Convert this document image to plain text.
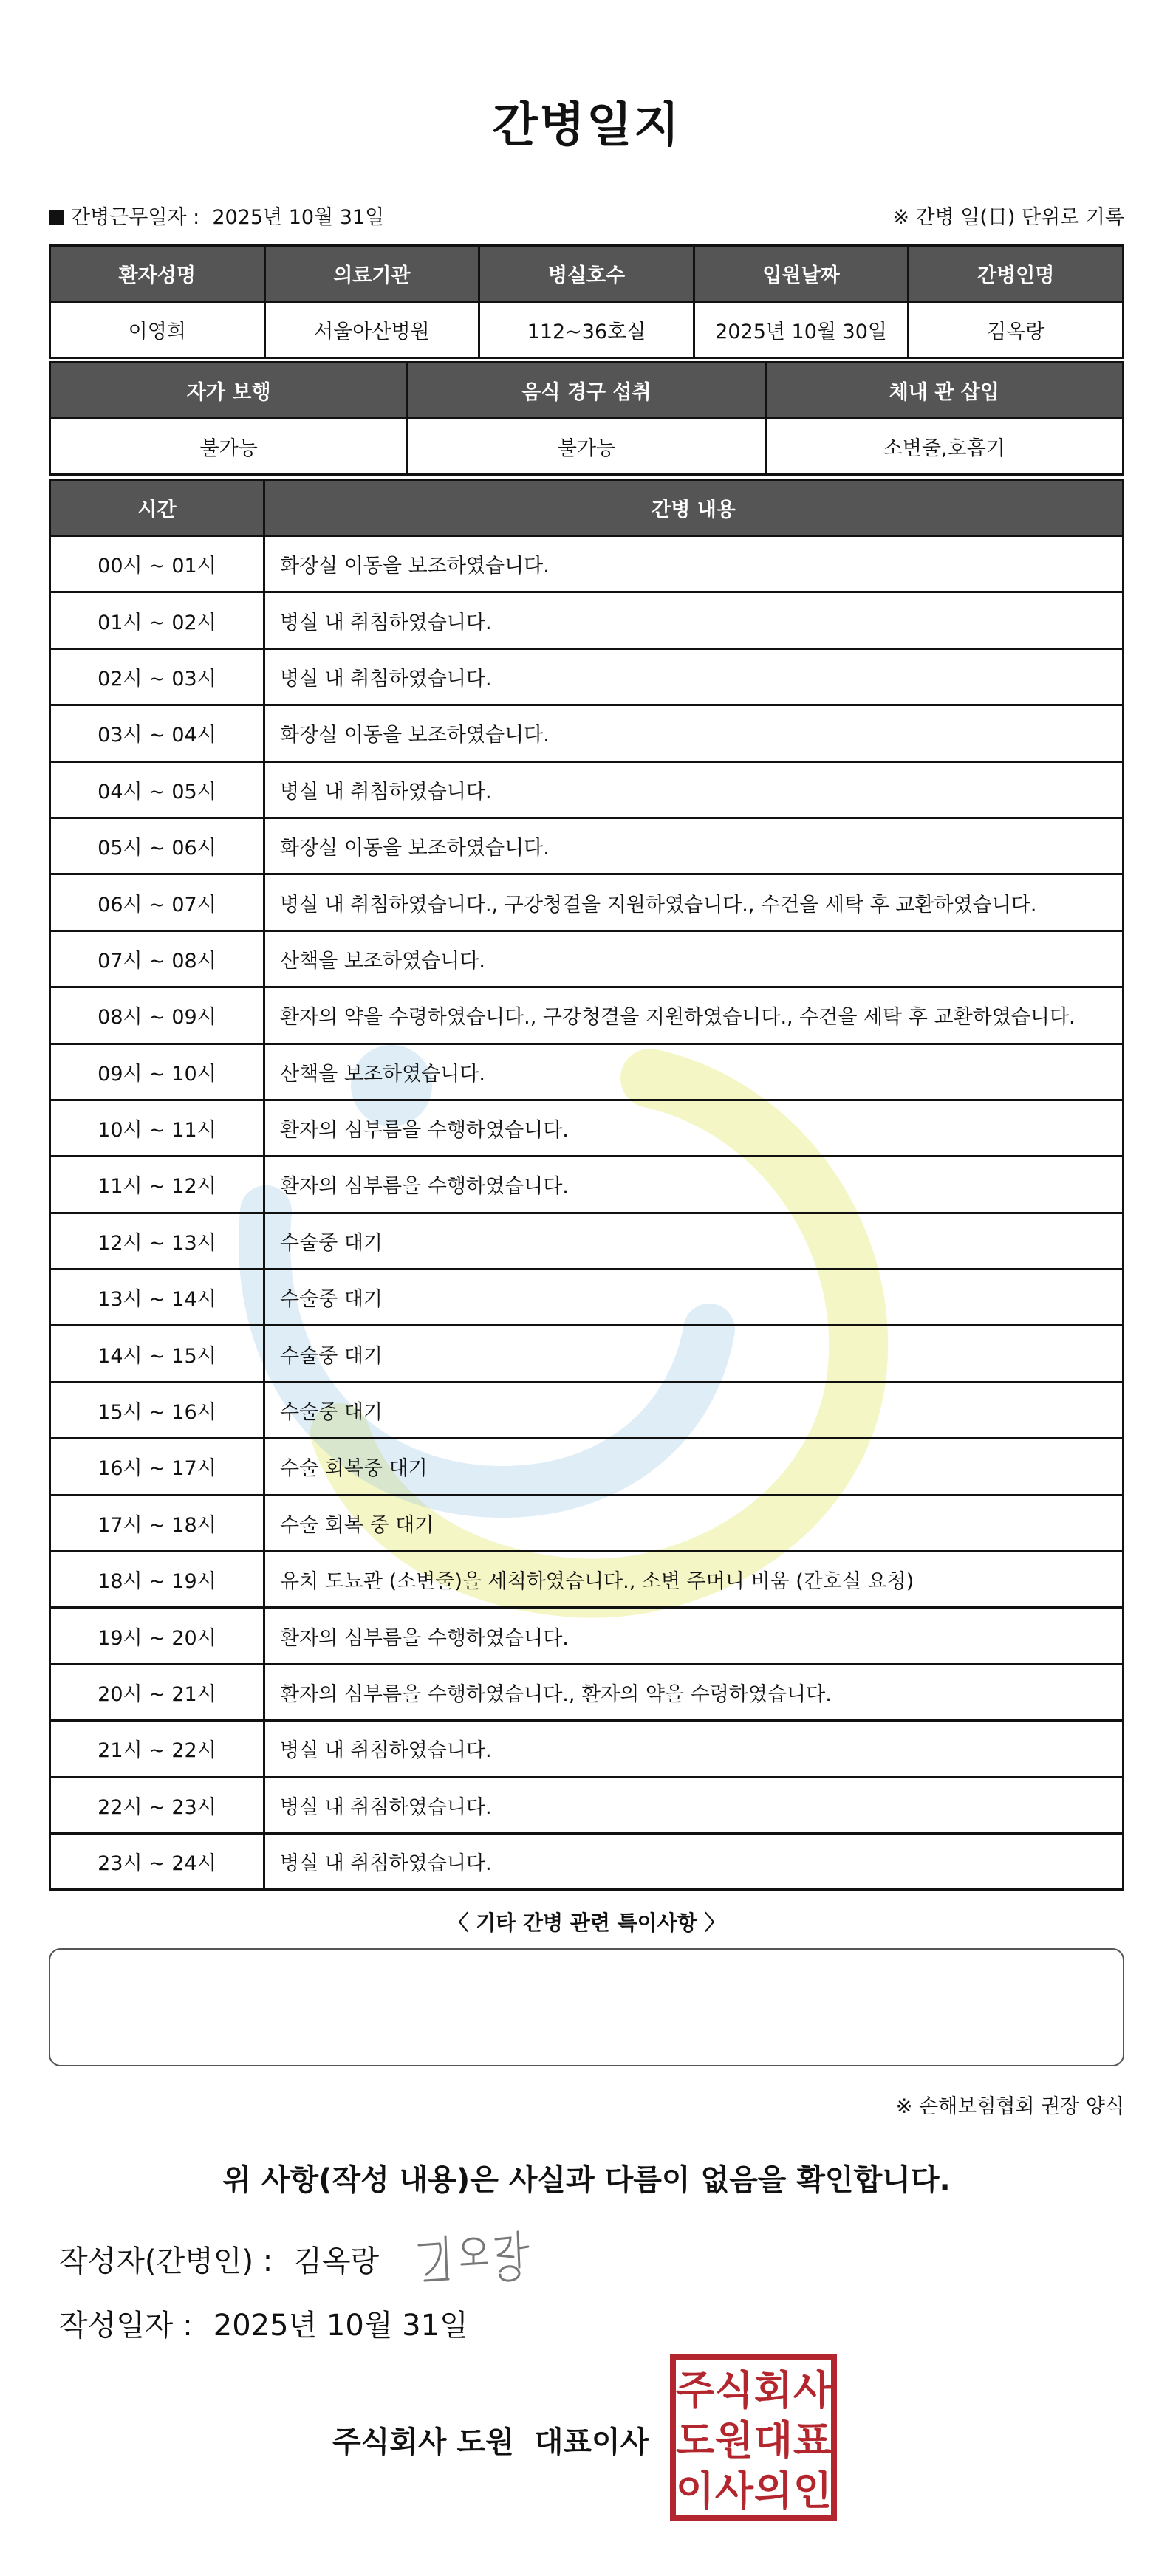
간병일지
간병근무일자 : 2025년 10월 31일	※ 간병 일(日) 단위로 기록
환자성명	의료기관	병실호수	입원날짜	간병인명
이영희	서울아산병원	112~36호실	2025년 10월 30일	김옥랑
자가 보행	음식 경구 섭취	체내 관 삽입
불가능	불가능	소변줄,호흡기
시간	간병 내용
00시 ~ 01시	화장실 이동을 보조하였습니다.
01시 ~ 02시	병실 내 취침하였습니다.
02시 ~ 03시	병실 내 취침하였습니다.
03시 ~ 04시	화장실 이동을 보조하였습니다.
04시 ~ 05시	병실 내 취침하였습니다.
05시 ~ 06시	화장실 이동을 보조하였습니다.
06시 ~ 07시	병실 내 취침하였습니다., 구강청결을 지원하였습니다., 수건을 세탁 후 교환하였습니다.
07시 ~ 08시	산책을 보조하였습니다.
08시 ~ 09시	환자의 약을 수령하였습니다., 구강청결을 지원하였습니다., 수건을 세탁 후 교환하였습니다.
09시 ~ 10시	산책을 보조하였습니다.
10시 ~ 11시	환자의 심부름을 수행하였습니다.
11시 ~ 12시	환자의 심부름을 수행하였습니다.
12시 ~ 13시	수술중 대기
13시 ~ 14시	수술중 대기
14시 ~ 15시	수술중 대기
15시 ~ 16시	수술중 대기
16시 ~ 17시	수술 회복중 대기
17시 ~ 18시	수술 회복 중 대기
18시 ~ 19시	유치 도뇨관 (소변줄)을 세척하였습니다., 소변 주머니 비움 (간호실 요청)
19시 ~ 20시	환자의 심부름을 수행하였습니다.
20시 ~ 21시	환자의 심부름을 수행하였습니다., 환자의 약을 수령하였습니다.
21시 ~ 22시	병실 내 취침하였습니다.
22시 ~ 23시	병실 내 취침하였습니다.
23시 ~ 24시	병실 내 취침하였습니다.
〈 기타 간병 관련 특이사항 〉
※ 손해보험협회 권장 양식
위 사항(작성 내용)은 사실과 다름이 없음을 확인합니다.
작성자(간병인) : 김옥랑
작성일자 : 2025년 10월 31일
주식회사 도원 대표이사
주 식 회 사
도 원 대 표
이 사 의 인
